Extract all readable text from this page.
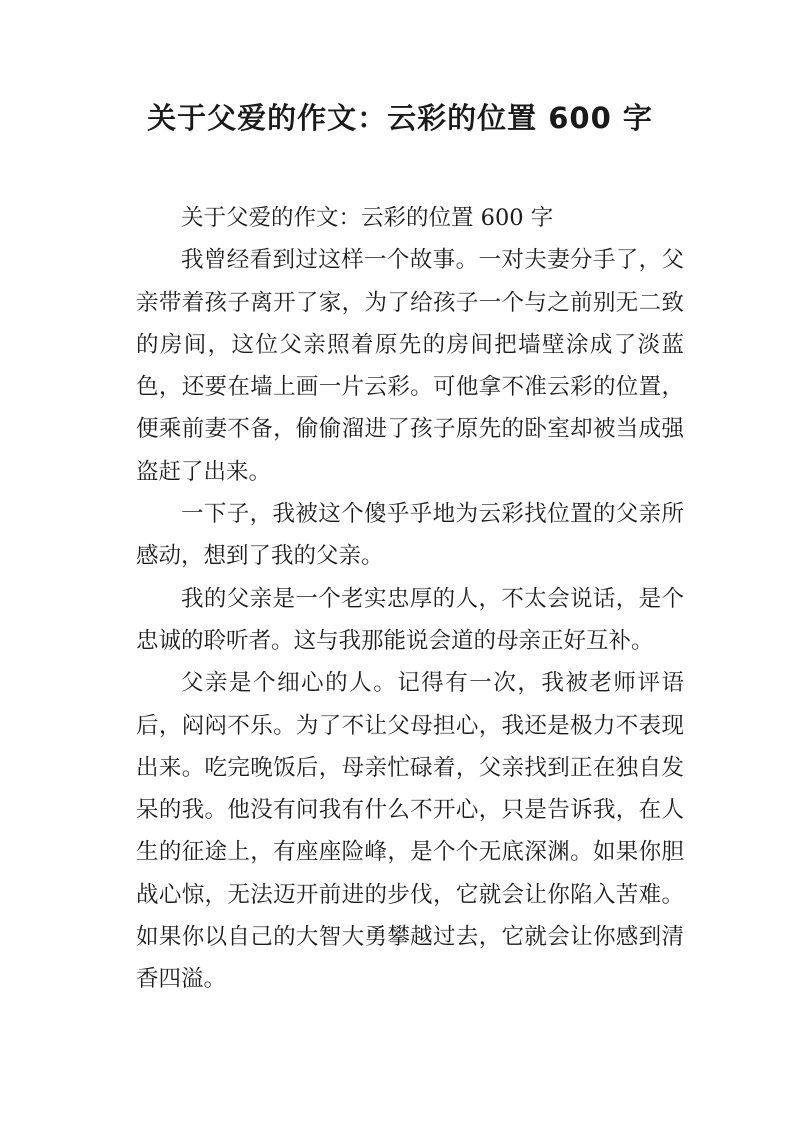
关于父爱的作文：云彩的位置 600 字

关于父爱的作文：云彩的位置 600 字

我曾经看到过这样一个故事。一对夫妻分手了，父亲带着孩子离开了家，为了给孩子一个与之前别无二致的房间，这位父亲照着原先的房间把墙壁涂成了淡蓝色，还要在墙上画一片云彩。可他拿不准云彩的位置，便乘前妻不备，偷偷溜进了孩子原先的卧室却被当成强盗赶了出来。

一下子，我被这个傻乎乎地为云彩找位置的父亲所感动，想到了我的父亲。

我的父亲是一个老实忠厚的人，不太会说话，是个忠诚的聆听者。这与我那能说会道的母亲正好互补。

父亲是个细心的人。记得有一次，我被老师评语后，闷闷不乐。为了不让父母担心，我还是极力不表现出来。吃完晚饭后，母亲忙碌着，父亲找到正在独自发呆的我。他没有问我有什么不开心，只是告诉我，在人生的征途上，有座座险峰，是个个无底深渊。如果你胆战心惊，无法迈开前进的步伐，它就会让你陷入苦难。如果你以自己的大智大勇攀越过去，它就会让你感到清香四溢。
